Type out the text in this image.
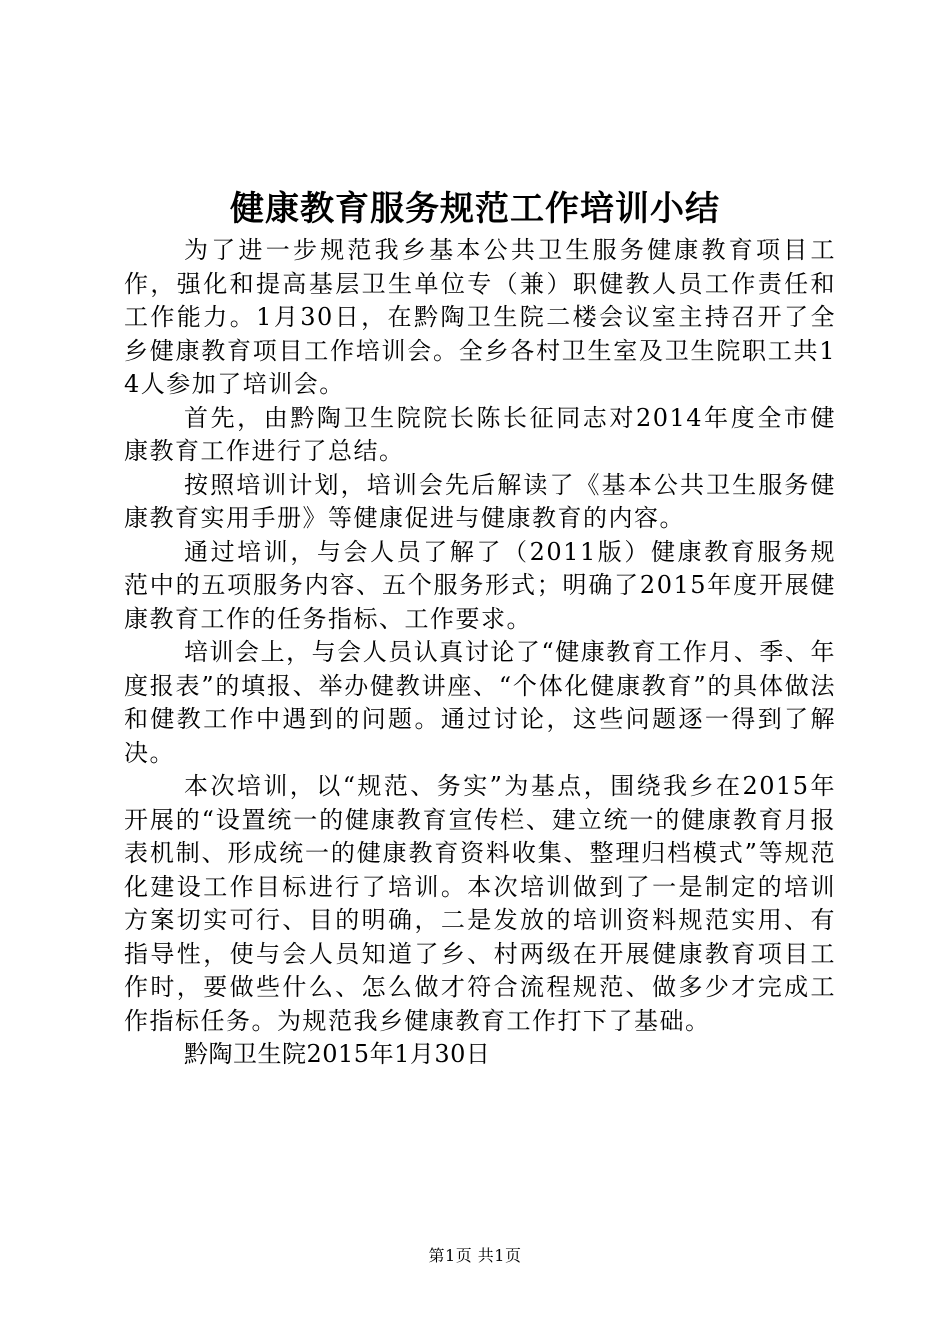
健康教育服务规范工作培训小结

为了进一步规范我乡基本公共卫生服务健康教育项目工作，强化和提高基层卫生单位专（兼）职健教人员工作责任和工作能力。1月30日，在黔陶卫生院二楼会议室主持召开了全乡健康教育项目工作培训会。全乡各村卫生室及卫生院职工共14人参加了培训会。

首先，由黔陶卫生院院长陈长征同志对2014年度全市健康教育工作进行了总结。

按照培训计划，培训会先后解读了《基本公共卫生服务健康教育实用手册》等健康促进与健康教育的内容。

通过培训，与会人员了解了（2011版）健康教育服务规范中的五项服务内容、五个服务形式；明确了2015年度开展健康教育工作的任务指标、工作要求。

培训会上，与会人员认真讨论了“健康教育工作月、季、年度报表”的填报、举办健教讲座、“个体化健康教育”的具体做法和健教工作中遇到的问题。通过讨论，这些问题逐一得到了解决。

本次培训，以“规范、务实”为基点，围绕我乡在2015年开展的“设置统一的健康教育宣传栏、建立统一的健康教育月报表机制、形成统一的健康教育资料收集、整理归档模式”等规范化建设工作目标进行了培训。本次培训做到了一是制定的培训方案切实可行、目的明确，二是发放的培训资料规范实用、有指导性，使与会人员知道了乡、村两级在开展健康教育项目工作时，要做些什么、怎么做才符合流程规范、做多少才完成工作指标任务。为规范我乡健康教育工作打下了基础。

黔陶卫生院2015年1月30日

第1页 共1页
